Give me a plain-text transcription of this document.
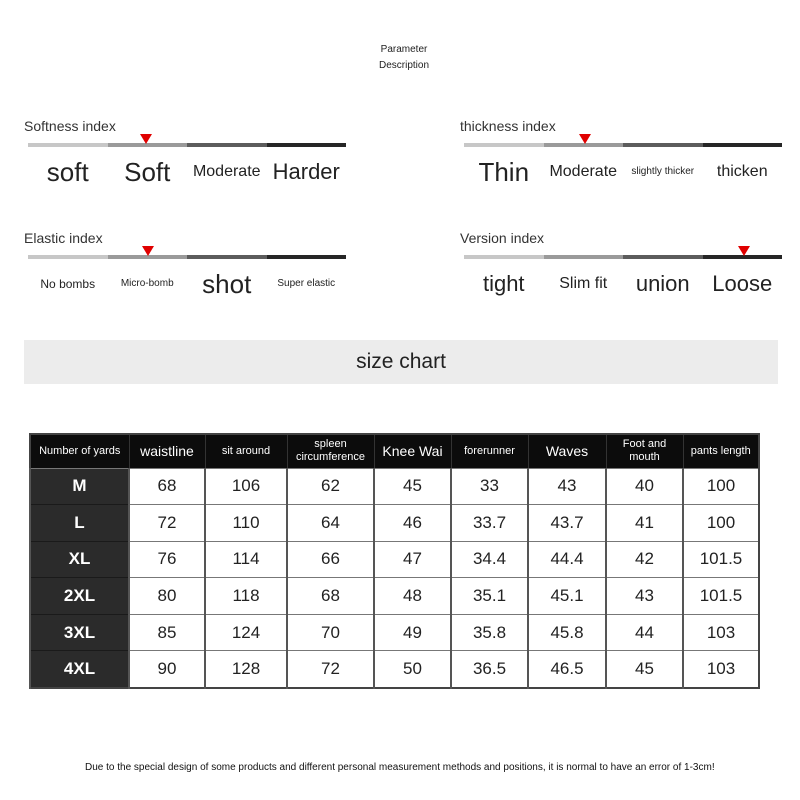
Parameter
Description
Softness index
soft	Soft	Moderate Harder
thickness index
Thin	Moderate	slightly thicker	thicken
Elastic index
No bombs	Micro-bomb	shot	Super elastic
Version index
tight	Slim fit	union	Loose
size chart
Number of yards	waistline	sit around	spleen circumference	Knee Wai	forerunner	Waves	Foot and mouth	pants length
M	68	106	62	45	33	43	40	100
L	72	110	64	46	33.7	43.7	41	100
XL	76	114	66	47	34.4	44.4	42	101.5
2XL	80	118	68	48	35.1	45.1	43	101.5
3XL	85	124	70	49	35.8	45.8	44	103
4XL	90	128	72	50	36.5	46.5	45	103
Due to the special design of some products and different personal measurement methods and positions, it is normal to have an error of 1-3cm!
